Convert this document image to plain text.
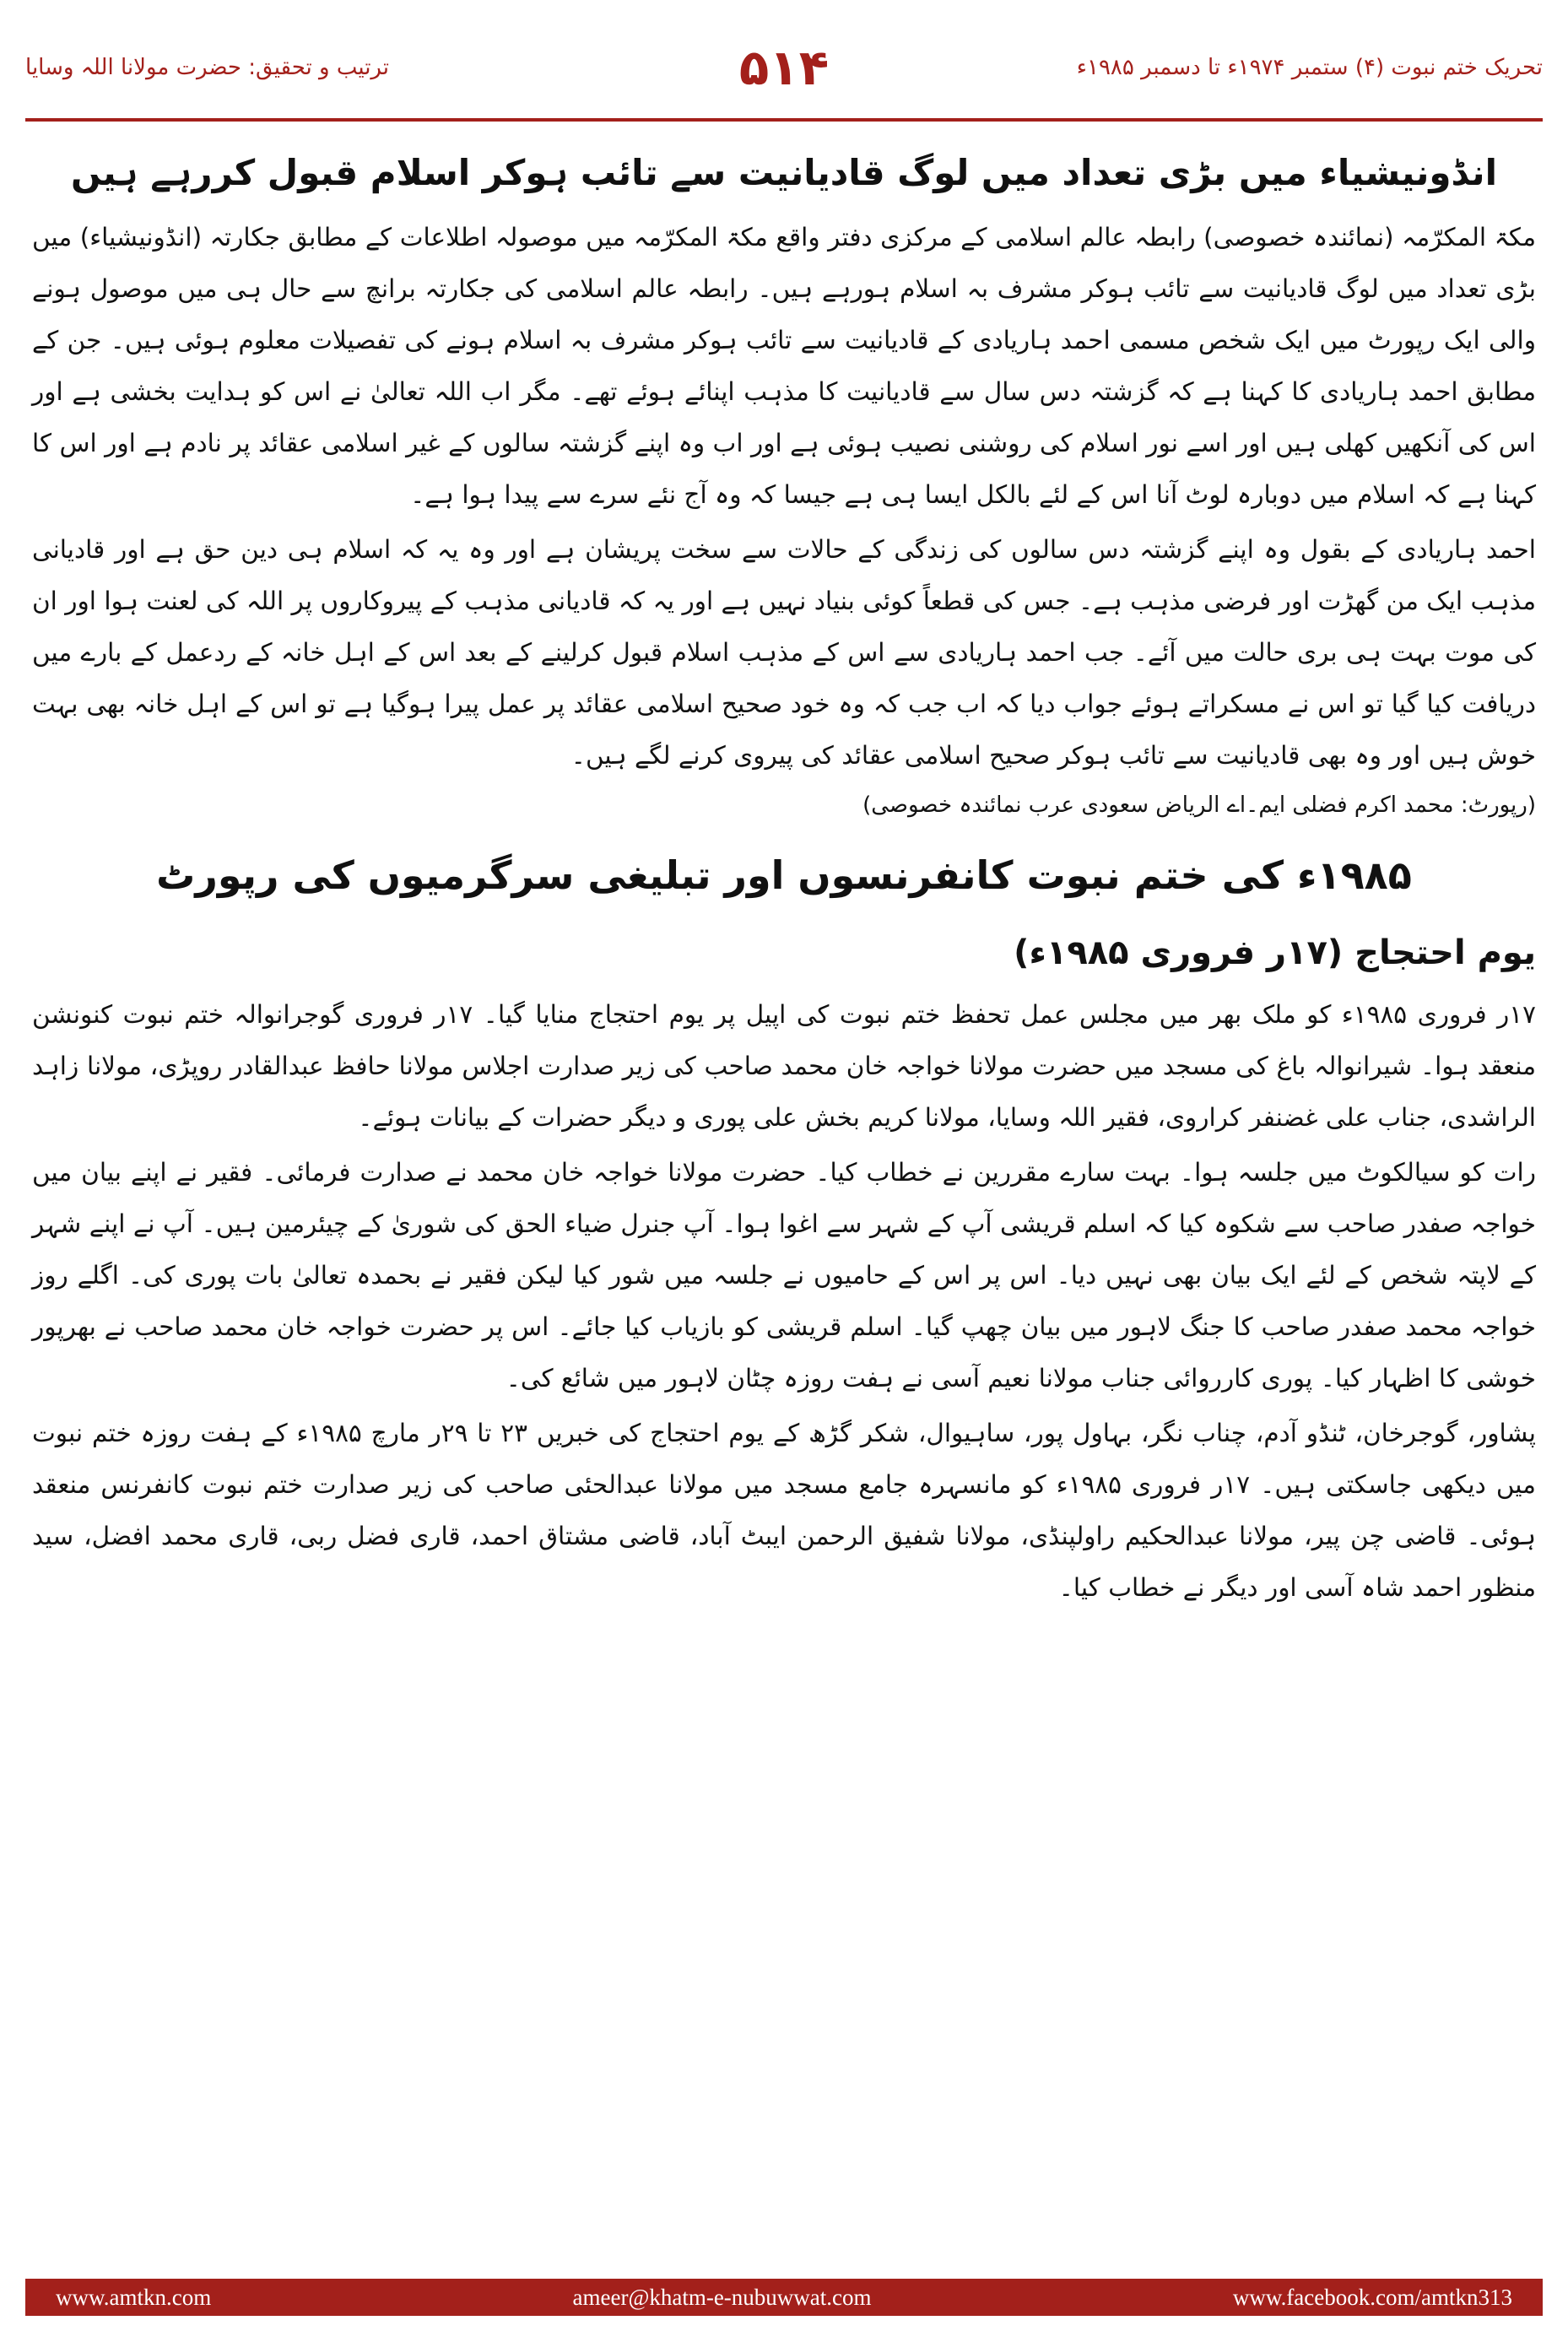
تحریک ختم نبوت (۴) ستمبر ۱۹۷۴ء تا دسمبر ۱۹۸۵ء
۵۱۴
ترتیب و تحقیق: حضرت مولانا اللہ وسایا
انڈونیشیاء میں بڑی تعداد میں لوگ قادیانیت سے تائب ہوکر اسلام قبول کررہے ہیں

مکۃ المکرّمہ (نمائندہ خصوصی) رابطہ عالم اسلامی کے مرکزی دفتر واقع مکۃ المکرّمہ میں موصولہ اطلاعات کے مطابق جکارتہ (انڈونیشیاء) میں بڑی تعداد میں لوگ قادیانیت سے تائب ہوکر مشرف بہ اسلام ہورہے ہیں۔ رابطہ عالم اسلامی کی جکارتہ برانچ سے حال ہی میں موصول ہونے والی ایک رپورٹ میں ایک شخص مسمی احمد ہاریادی کے قادیانیت سے تائب ہوکر مشرف بہ اسلام ہونے کی تفصیلات معلوم ہوئی ہیں۔ جن کے مطابق احمد ہاریادی کا کہنا ہے کہ گزشتہ دس سال سے قادیانیت کا مذہب اپنائے ہوئے تھے۔ مگر اب اللہ تعالیٰ نے اس کو ہدایت بخشی ہے اور اس کی آنکھیں کھلی ہیں اور اسے نور اسلام کی روشنی نصیب ہوئی ہے اور اب وہ اپنے گزشتہ سالوں کے غیر اسلامی عقائد پر نادم ہے اور اس کا کہنا ہے کہ اسلام میں دوبارہ لوٹ آنا اس کے لئے بالکل ایسا ہی ہے جیسا کہ وہ آج نئے سرے سے پیدا ہوا ہے۔

احمد ہاریادی کے بقول وہ اپنے گزشتہ دس سالوں کی زندگی کے حالات سے سخت پریشان ہے اور وہ یہ کہ اسلام ہی دین حق ہے اور قادیانی مذہب ایک من گھڑت اور فرضی مذہب ہے۔ جس کی قطعاً کوئی بنیاد نہیں ہے اور یہ کہ قادیانی مذہب کے پیروکاروں پر اللہ کی لعنت ہوا اور ان کی موت بہت ہی بری حالت میں آئے۔ جب احمد ہاریادی سے اس کے مذہب اسلام قبول کرلینے کے بعد اس کے اہل خانہ کے ردعمل کے بارے میں دریافت کیا گیا تو اس نے مسکراتے ہوئے جواب دیا کہ اب جب کہ وہ خود صحیح اسلامی عقائد پر عمل پیرا ہوگیا ہے تو اس کے اہل خانہ بھی بہت خوش ہیں اور وہ بھی قادیانیت سے تائب ہوکر صحیح اسلامی عقائد کی پیروی کرنے لگے ہیں۔

(رپورٹ: محمد اکرم فضلی ایم۔اے الریاض سعودی عرب نمائندہ خصوصی)
۱۹۸۵ء کی ختم نبوت کانفرنسوں اور تبلیغی سرگرمیوں کی رپورٹ
یوم احتجاج (۱۷ر فروری ۱۹۸۵ء)

۱۷ر فروری ۱۹۸۵ء کو ملک بھر میں مجلس عمل تحفظ ختم نبوت کی اپیل پر یوم احتجاج منایا گیا۔ ۱۷ر فروری گوجرانوالہ ختم نبوت کنونشن منعقد ہوا۔ شیرانوالہ باغ کی مسجد میں حضرت مولانا خواجہ خان محمد صاحب کی زیر صدارت اجلاس مولانا حافظ عبدالقادر روپڑی، مولانا زاہد الراشدی، جناب علی غضنفر کراروی، فقیر اللہ وسایا، مولانا کریم بخش علی پوری و دیگر حضرات کے بیانات ہوئے۔

رات کو سیالکوٹ میں جلسہ ہوا۔ بہت سارے مقررین نے خطاب کیا۔ حضرت مولانا خواجہ خان محمد نے صدارت فرمائی۔ فقیر نے اپنے بیان میں خواجہ صفدر صاحب سے شکوہ کیا کہ اسلم قریشی آپ کے شہر سے اغوا ہوا۔ آپ جنرل ضیاء الحق کی شوریٰ کے چیئرمین ہیں۔ آپ نے اپنے شہر کے لاپتہ شخص کے لئے ایک بیان بھی نہیں دیا۔ اس پر اس کے حامیوں نے جلسہ میں شور کیا لیکن فقیر نے بحمدہ تعالیٰ بات پوری کی۔ اگلے روز خواجہ محمد صفدر صاحب کا جنگ لاہور میں بیان چھپ گیا۔ اسلم قریشی کو بازیاب کیا جائے۔ اس پر حضرت خواجہ خان محمد صاحب نے بھرپور خوشی کا اظہار کیا۔ پوری کارروائی جناب مولانا نعیم آسی نے ہفت روزہ چٹان لاہور میں شائع کی۔

پشاور، گوجرخان، ٹنڈو آدم، چناب نگر، بہاول پور، ساہیوال، شکر گڑھ کے یوم احتجاج کی خبریں ۲۳ تا ۲۹ر مارچ ۱۹۸۵ء کے ہفت روزہ ختم نبوت میں دیکھی جاسکتی ہیں۔ ۱۷ر فروری ۱۹۸۵ء کو مانسہرہ جامع مسجد میں مولانا عبدالحئی صاحب کی زیر صدارت ختم نبوت کانفرنس منعقد ہوئی۔ قاضی چن پیر، مولانا عبدالحکیم راولپنڈی، مولانا شفیق الرحمن ایبٹ آباد، قاضی مشتاق احمد، قاری فضل ربی، قاری محمد افضل، سید منظور احمد شاہ آسی اور دیگر نے خطاب کیا۔

www.amtkn.com	ameer@khatm-e-nubuwwat.com	www.facebook.com/amtkn313
